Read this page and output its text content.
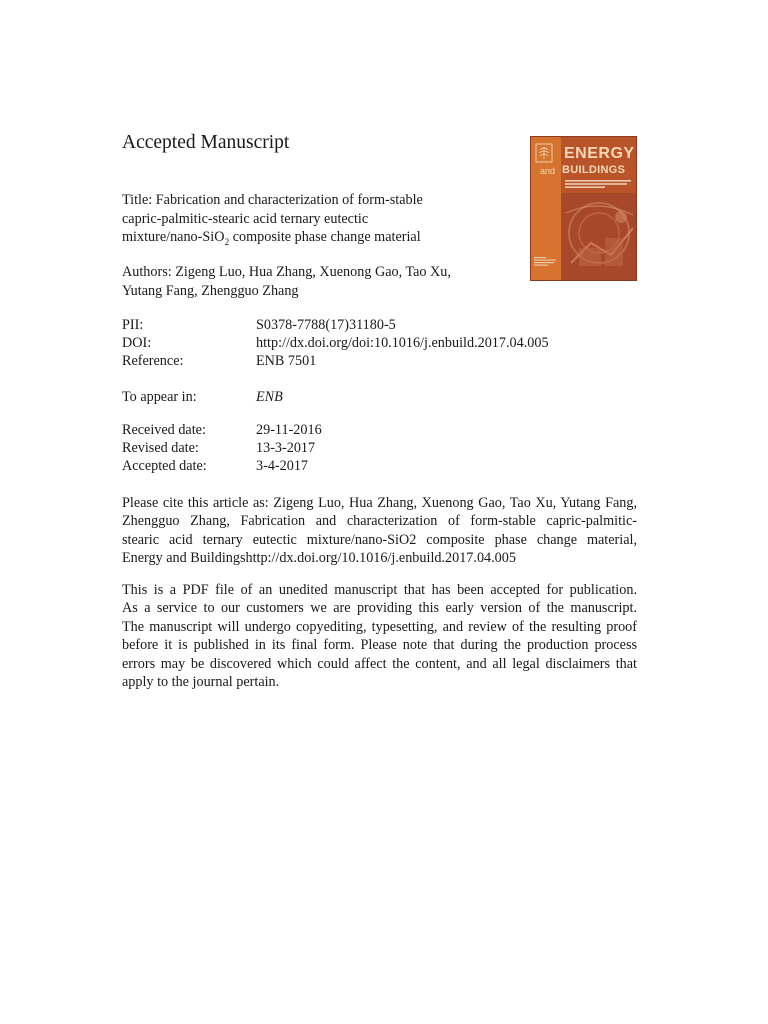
Accepted Manuscript
Title: Fabrication and characterization of form-stable
capric-palmitic-stearic acid ternary eutectic
mixture/nano-SiO$_2$ composite phase change material
Authors: Zigeng Luo, Hua Zhang, Xuenong Gao, Tao Xu,
Yutang Fang, Zhengguo Zhang
PII:	S0378-7788(17)31180-5
DOI:	http://dx.doi.org/doi:10.1016/j.enbuild.2017.04.005
Reference:	ENB 7501
To appear in:	ENB
Received date:	29-11-2016
Revised date:	13-3-2017
Accepted date:	3-4-2017
Please cite this article as: Zigeng Luo, Hua Zhang, Xuenong Gao, Tao Xu, Yutang Fang,
Zhengguo Zhang, Fabrication and characterization of form-stable capric-palmitic-
stearic acid ternary eutectic mixture/nano-SiO2 composite phase change material,
Energy and Buildingshttp://dx.doi.org/10.1016/j.enbuild.2017.04.005
This is a PDF file of an unedited manuscript that has been accepted for publication.
As a service to our customers we are providing this early version of the manuscript.
The manuscript will undergo copyediting, typesetting, and review of the resulting proof
before it is published in its final form. Please note that during the production process
errors may be discovered which could affect the content, and all legal disclaimers that
apply to the journal pertain.
ENERGY
and BUILDINGS
